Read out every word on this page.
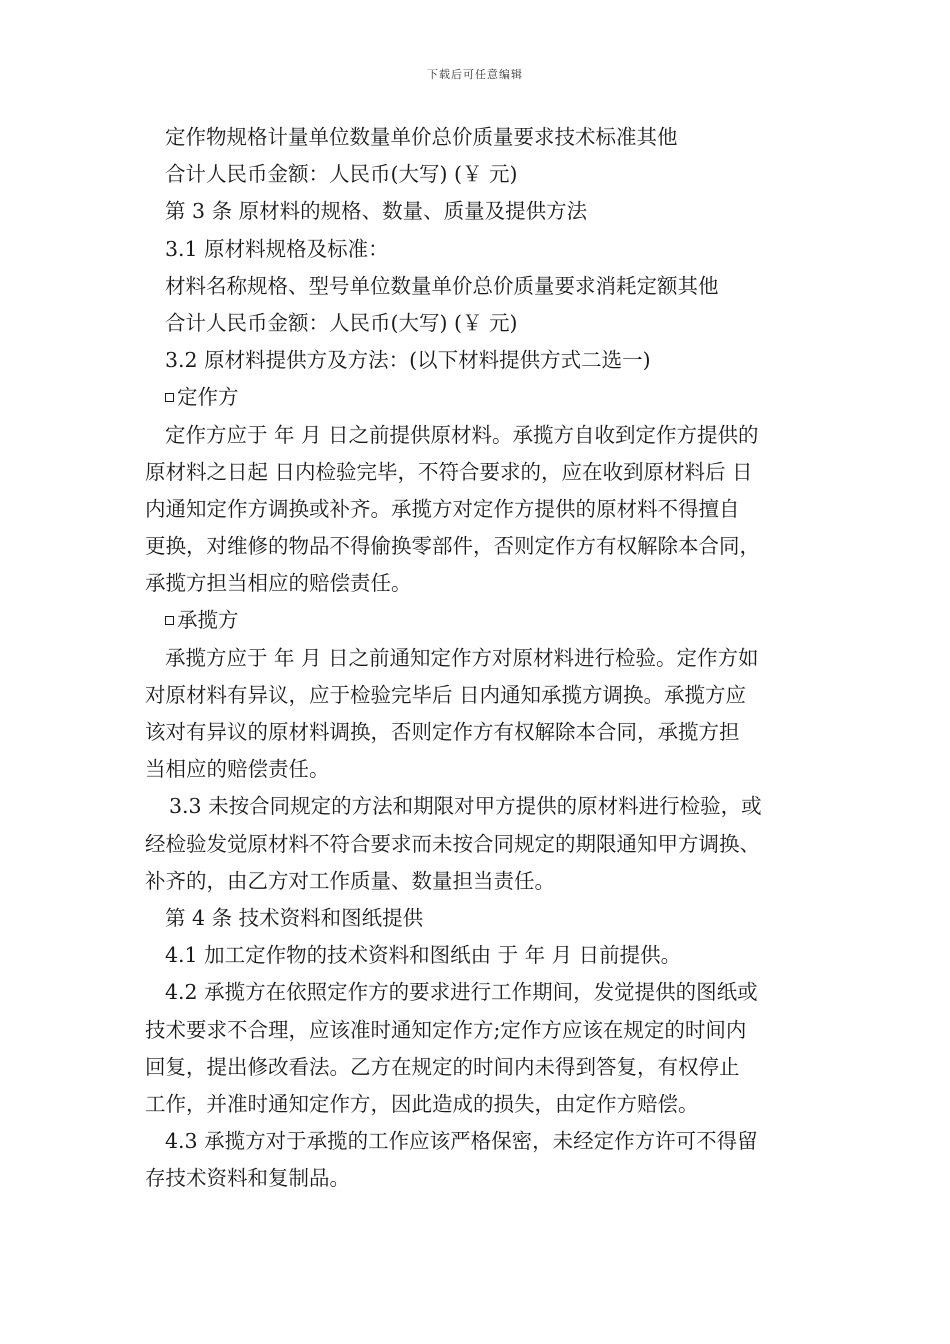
下载后可任意编辑
定作物规格计量单位数量单价总价质量要求技术标准其他
合计人民币金额：人民币(大写) (￥ 元)
第 3 条 原材料的规格、数量、质量及提供方法
3.1 原材料规格及标准：
材料名称规格、型号单位数量单价总价质量要求消耗定额其他
合计人民币金额：人民币(大写) (￥ 元)
3.2 原材料提供方及方法：(以下材料提供方式二选一)
定作方
定作方应于 年 月 日之前提供原材料。承揽方自收到定作方提供的
原材料之日起 日内检验完毕，不符合要求的，应在收到原材料后 日
内通知定作方调换或补齐。承揽方对定作方提供的原材料不得擅自
更换，对维修的物品不得偷换零部件，否则定作方有权解除本合同，
承揽方担当相应的赔偿责任。
承揽方
承揽方应于 年 月 日之前通知定作方对原材料进行检验。定作方如
对原材料有异议，应于检验完毕后 日内通知承揽方调换。承揽方应
该对有异议的原材料调换，否则定作方有权解除本合同，承揽方担
当相应的赔偿责任。
3.3 未按合同规定的方法和期限对甲方提供的原材料进行检验，或
经检验发觉原材料不符合要求而未按合同规定的期限通知甲方调换、
补齐的，由乙方对工作质量、数量担当责任。
第 4 条 技术资料和图纸提供
4.1 加工定作物的技术资料和图纸由 于 年 月 日前提供。
4.2 承揽方在依照定作方的要求进行工作期间，发觉提供的图纸或
技术要求不合理，应该准时通知定作方;定作方应该在规定的时间内
回复，提出修改看法。乙方在规定的时间内未得到答复，有权停止
工作，并准时通知定作方，因此造成的损失，由定作方赔偿。
4.3 承揽方对于承揽的工作应该严格保密，未经定作方许可不得留
存技术资料和复制品。
